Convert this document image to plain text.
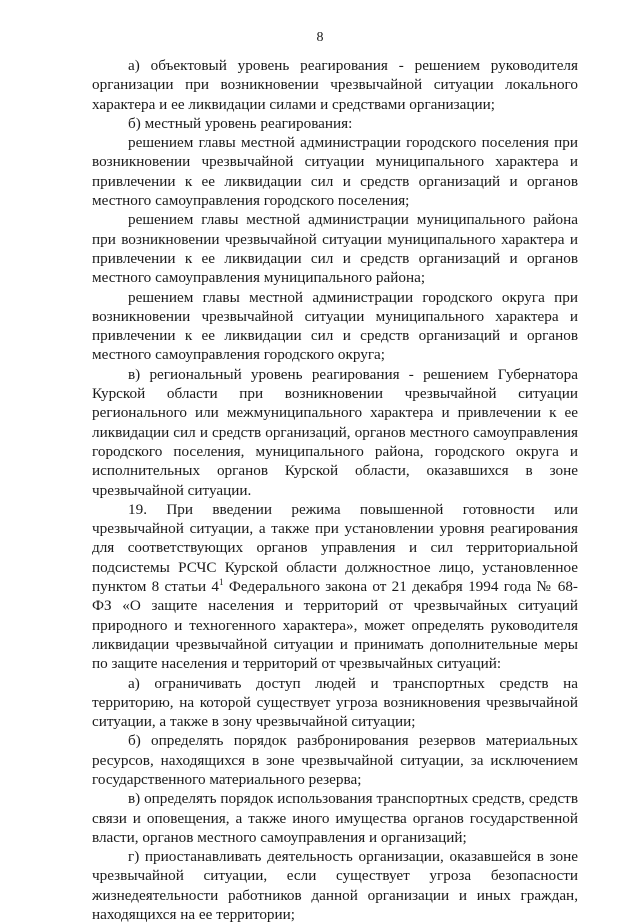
8

а) объектовый уровень реагирования - решением руководителя организации при возникновении чрезвычайной ситуации локального характера и ее ликвидации силами и средствами организации;

б) местный уровень реагирования:

решением главы местной администрации городского поселения при возникновении чрезвычайной ситуации муниципального характера и привлечении к ее ликвидации сил и средств организаций и органов местного самоуправления городского поселения;

решением главы местной администрации муниципального района при возникновении чрезвычайной ситуации муниципального характера и привлечении к ее ликвидации сил и средств организаций и органов местного самоуправления муниципального района;

решением главы местной администрации городского округа при возникновении чрезвычайной ситуации муниципального характера и привлечении к ее ликвидации сил и средств организаций и органов местного самоуправления городского округа;

в) региональный уровень реагирования - решением Губернатора Курской области при возникновении чрезвычайной ситуации регионального или межмуниципального характера и привлечении к ее ликвидации сил и средств организаций, органов местного самоуправления городского поселения, муниципального района, городского округа и исполнительных органов Курской области, оказавшихся в зоне чрезвычайной ситуации.

19. При введении режима повышенной готовности или чрезвычайной ситуации, а также при установлении уровня реагирования для соответствующих органов управления и сил территориальной подсистемы РСЧС Курской области должностное лицо, установленное пунктом 8 статьи 4$^1$ Федерального закона от 21 декабря 1994 года № 68-ФЗ «О защите населения и территорий от чрезвычайных ситуаций природного и техногенного характера», может определять руководителя ликвидации чрезвычайной ситуации и принимать дополнительные меры по защите населения и территорий от чрезвычайных ситуаций:

а) ограничивать доступ людей и транспортных средств на территорию, на которой существует угроза возникновения чрезвычайной ситуации, а также в зону чрезвычайной ситуации;

б) определять порядок разбронирования резервов материальных ресурсов, находящихся в зоне чрезвычайной ситуации, за исключением государственного материального резерва;

в) определять порядок использования транспортных средств, средств связи и оповещения, а также иного имущества органов государственной власти, органов местного самоуправления и организаций;

г) приостанавливать деятельность организации, оказавшейся в зоне чрезвычайной ситуации, если существует угроза безопасности жизнедеятельности работников данной организации и иных граждан, находящихся на ее территории;
